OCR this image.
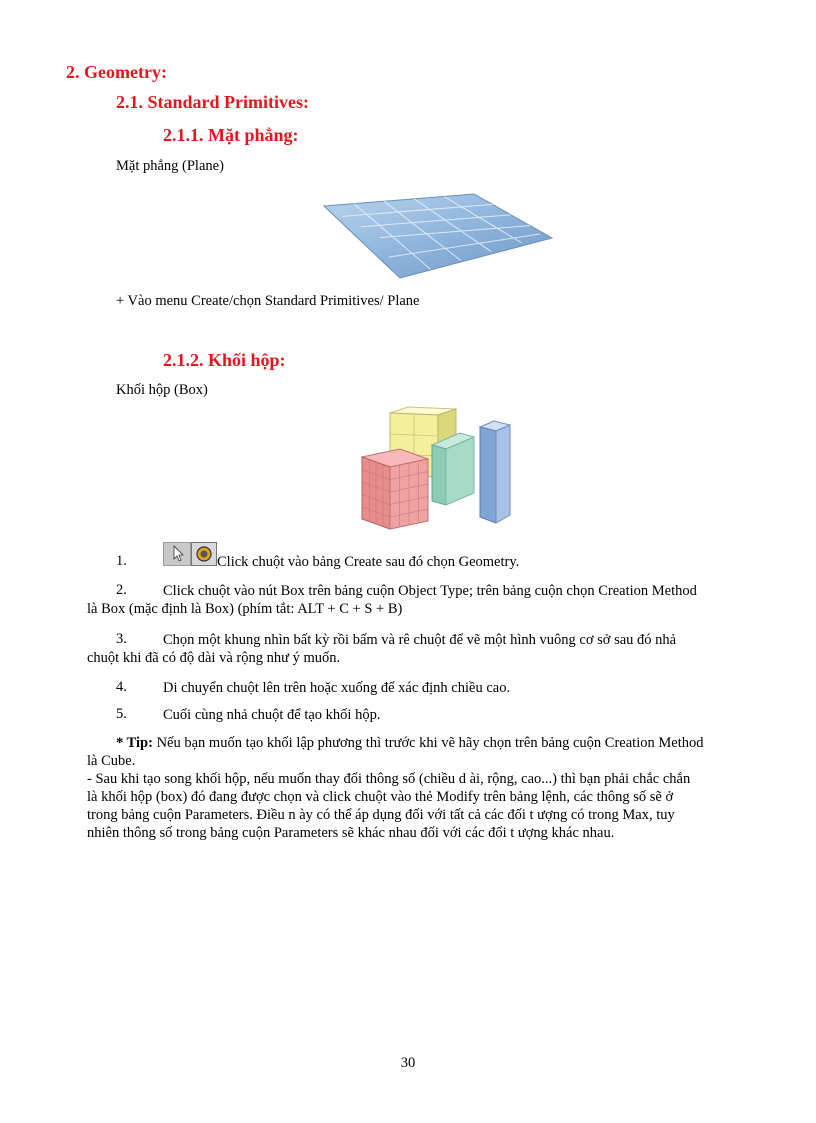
2. Geometry:
2.1. Standard Primitives:
2.1.1. Mặt phẳng:
Mặt phẳng (Plane)
+ Vào menu Create/chọn Standard Primitives/ Plane
2.1.2. Khối hộp:
Khối hộp (Box)
1.	Click chuột vào bảng Create sau đó chọn Geometry.
2. Click chuột vào nút Box trên bảng cuộn Object Type; trên bảng cuộn chọn Creation Method
là Box (mặc định là Box) (phím tắt: ALT + C + S + B)
3. Chọn một khung nhìn bất kỳ rồi bấm và rê chuột để vẽ một hình vuông cơ sở sau đó nhả
chuột khi đã có độ dài và rộng như ý muốn.
4. Di chuyển chuột lên trên hoặc xuống để xác định chiều cao.
5. Cuối cùng nhả chuột để tạo khối hộp.
* Tip: Nếu bạn muốn tạo khối lập phương thì trước khi vẽ hãy chọn trên bảng cuộn Creation Method
là Cube.
- Sau khi tạo song khối hộp, nếu muốn thay đổi thông số (chiều d ài, rộng, cao...) thì bạn phải chắc chắn
là khối hộp (box) đó đang được chọn và click chuột vào thẻ Modify trên bảng lệnh, các thông số sẽ ở
trong bảng cuộn Parameters. Điều n ày có thể áp dụng đối với tất cả các đối t ượng có trong Max, tuy
nhiên thông số trong bảng cuộn Parameters sẽ khác nhau đối với các đối t ượng khác nhau.
30
